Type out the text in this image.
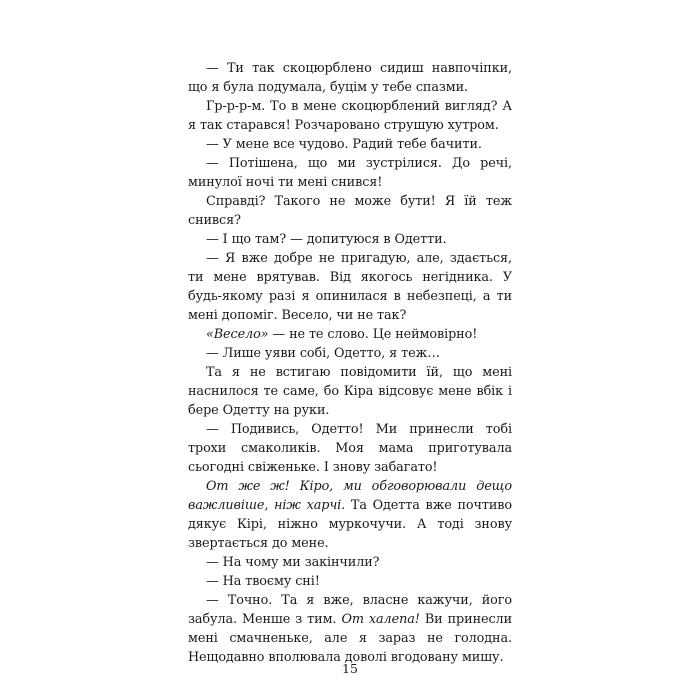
— Ти так скоцюрблено сидиш навпочіпки, що я була подумала, буцім у тебе спазми.

Гр-р-р-м. То в мене скоцюрблений вигляд? А я так старався! Розчаровано струшую хутром.

— У мене все чудово. Радий тебе бачити.

— Потішена, що ми зустрілися. До речі, минулої ночі ти мені снився!

Справді? Такого не може бути! Я їй теж снився?

— І що там? — допитуюся в Одетти.

— Я вже добре не пригадую, але, здається, ти мене врятував. Від якогось негідника. У будь-якому разі я опинилася в небезпеці, а ти мені допоміг. Весело, чи не так?

«Весело» — не те слово. Це неймовірно!

— Лише уяви собі, Одетто, я теж…

Та я не встигаю повідомити їй, що мені наснилося те саме, бо Кіра відсовує мене вбік і бере Одетту на руки.

— Подивись, Одетто! Ми принесли тобі трохи смаколиків. Моя мама приготувала сьогодні свіженьке. І знову забагато!

От же ж! Кіро, ми обговорювали дещо важливіше, ніж харчі. Та Одетта вже почтиво дякує Кірі, ніжно муркочучи. А тоді знову звертається до мене.

— На чому ми закінчили?

— На твоєму сні!

— Точно. Та я вже, власне кажучи, його забула. Менше з тим. От халепа! Ви принесли мені смачненьке, але я зараз не голодна. Нещодавно вполювала доволі вгодовану мишу.

15
